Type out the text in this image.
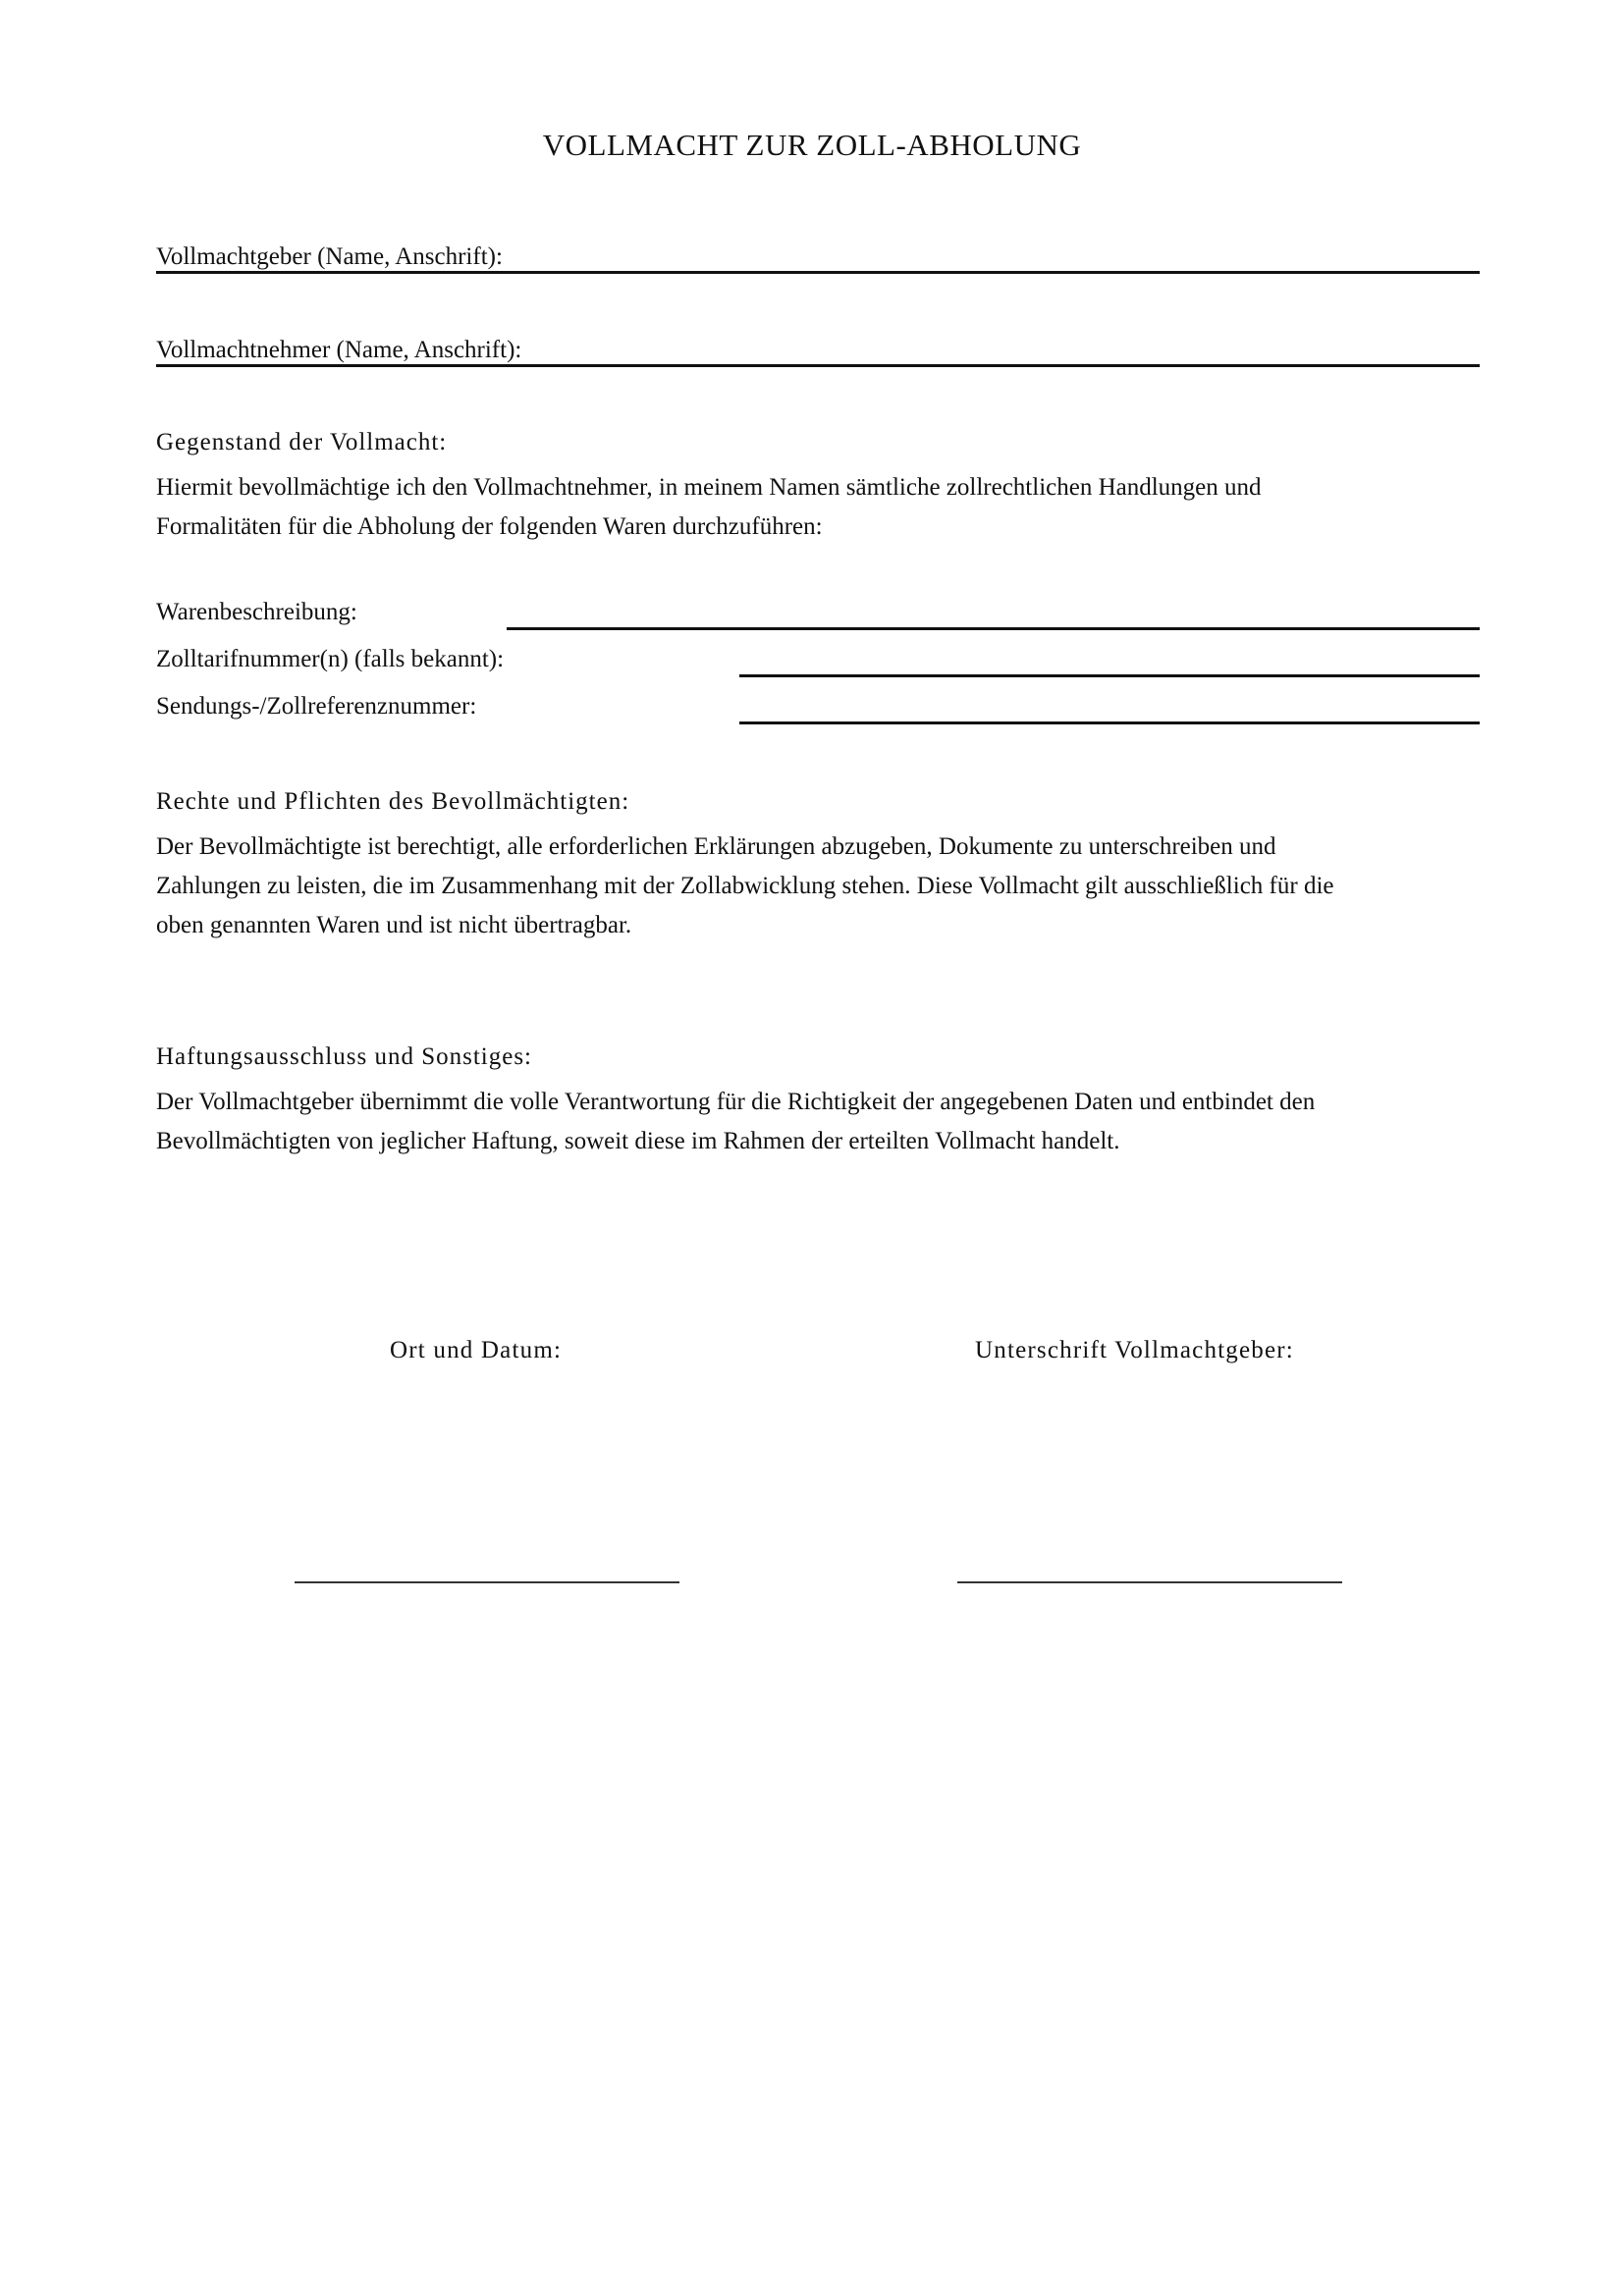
VOLLMACHT ZUR ZOLL-ABHOLUNG
Vollmachtgeber (Name, Anschrift):
Vollmachtnehmer (Name, Anschrift):
Gegenstand der Vollmacht:
Hiermit bevollmächtige ich den Vollmachtnehmer, in meinem Namen sämtliche zollrechtlichen Handlungen und
Formalitäten für die Abholung der folgenden Waren durchzuführen:
Warenbeschreibung:
Zolltarifnummer(n) (falls bekannt):
Sendungs-/Zollreferenznummer:
Rechte und Pflichten des Bevollmächtigten:
Der Bevollmächtigte ist berechtigt, alle erforderlichen Erklärungen abzugeben, Dokumente zu unterschreiben und
Zahlungen zu leisten, die im Zusammenhang mit der Zollabwicklung stehen. Diese Vollmacht gilt ausschließlich für die
oben genannten Waren und ist nicht übertragbar.
Haftungsausschluss und Sonstiges:
Der Vollmachtgeber übernimmt die volle Verantwortung für die Richtigkeit der angegebenen Daten und entbindet den
Bevollmächtigten von jeglicher Haftung, soweit diese im Rahmen der erteilten Vollmacht handelt.
Ort und Datum:	Unterschrift Vollmachtgeber:
